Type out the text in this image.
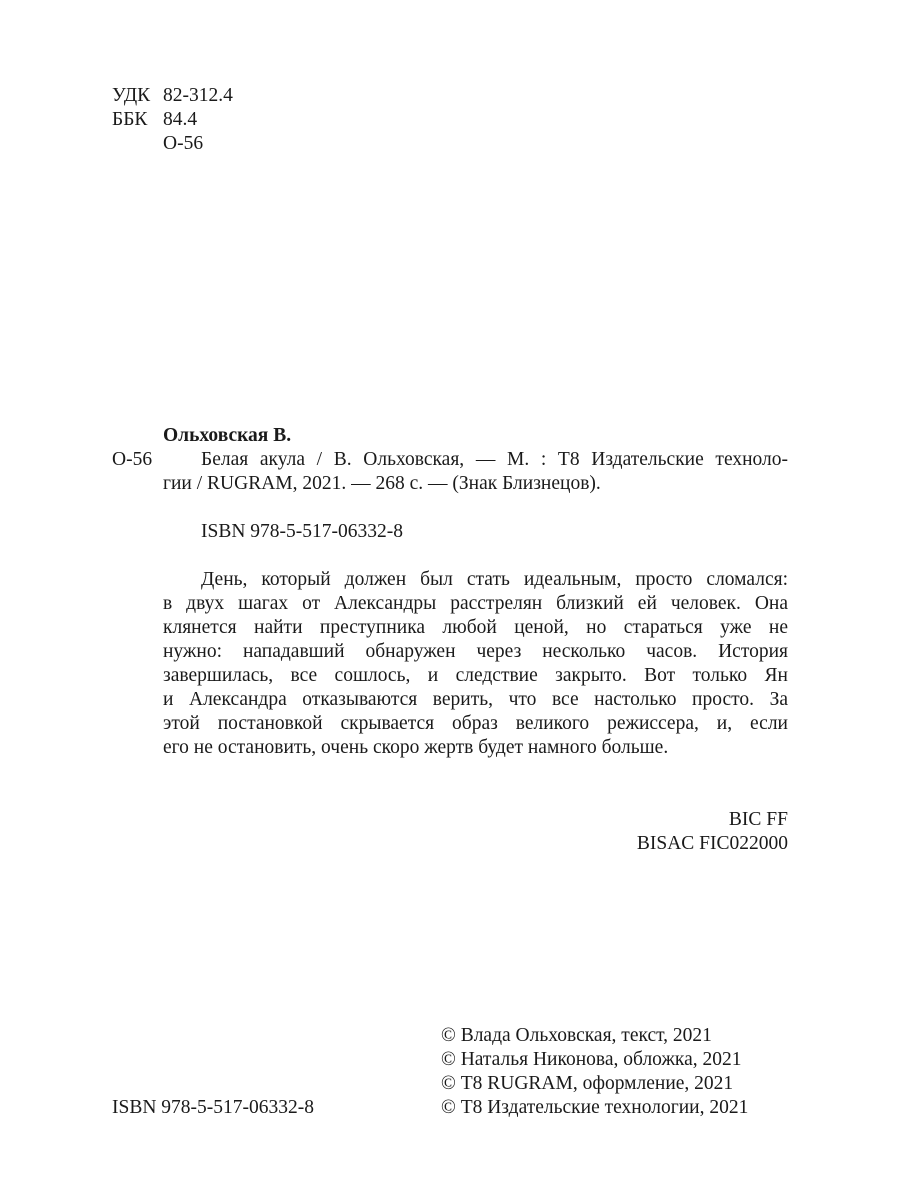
УДК 82-312.4
ББК 84.4
О-56
Ольховская В.
О-56	Белая акула / В. Ольховская, — М. : Т8 Издательские техноло-
гии / RUGRAM, 2021. — 268 с. — (Знак Близнецов).
ISBN 978-5-517-06332-8
День, который должен был стать идеальным, просто сломался:
в двух шагах от Александры расстрелян близкий ей человек. Она
клянется найти преступника любой ценой, но стараться уже не
нужно: нападавший обнаружен через несколько часов. История
завершилась, все сошлось, и следствие закрыто. Вот только Ян
и Александра отказываются верить, что все настолько просто. За
этой постановкой скрывается образ великого режиссера, и, если
его не остановить, очень скоро жертв будет намного больше.
BIC FF
BISAC FIC022000
© Влада Ольховская, текст, 2021
© Наталья Никонова, обложка, 2021
© Т8 RUGRAM, оформление, 2021
© Т8 Издательские технологии, 2021
ISBN 978-5-517-06332-8
